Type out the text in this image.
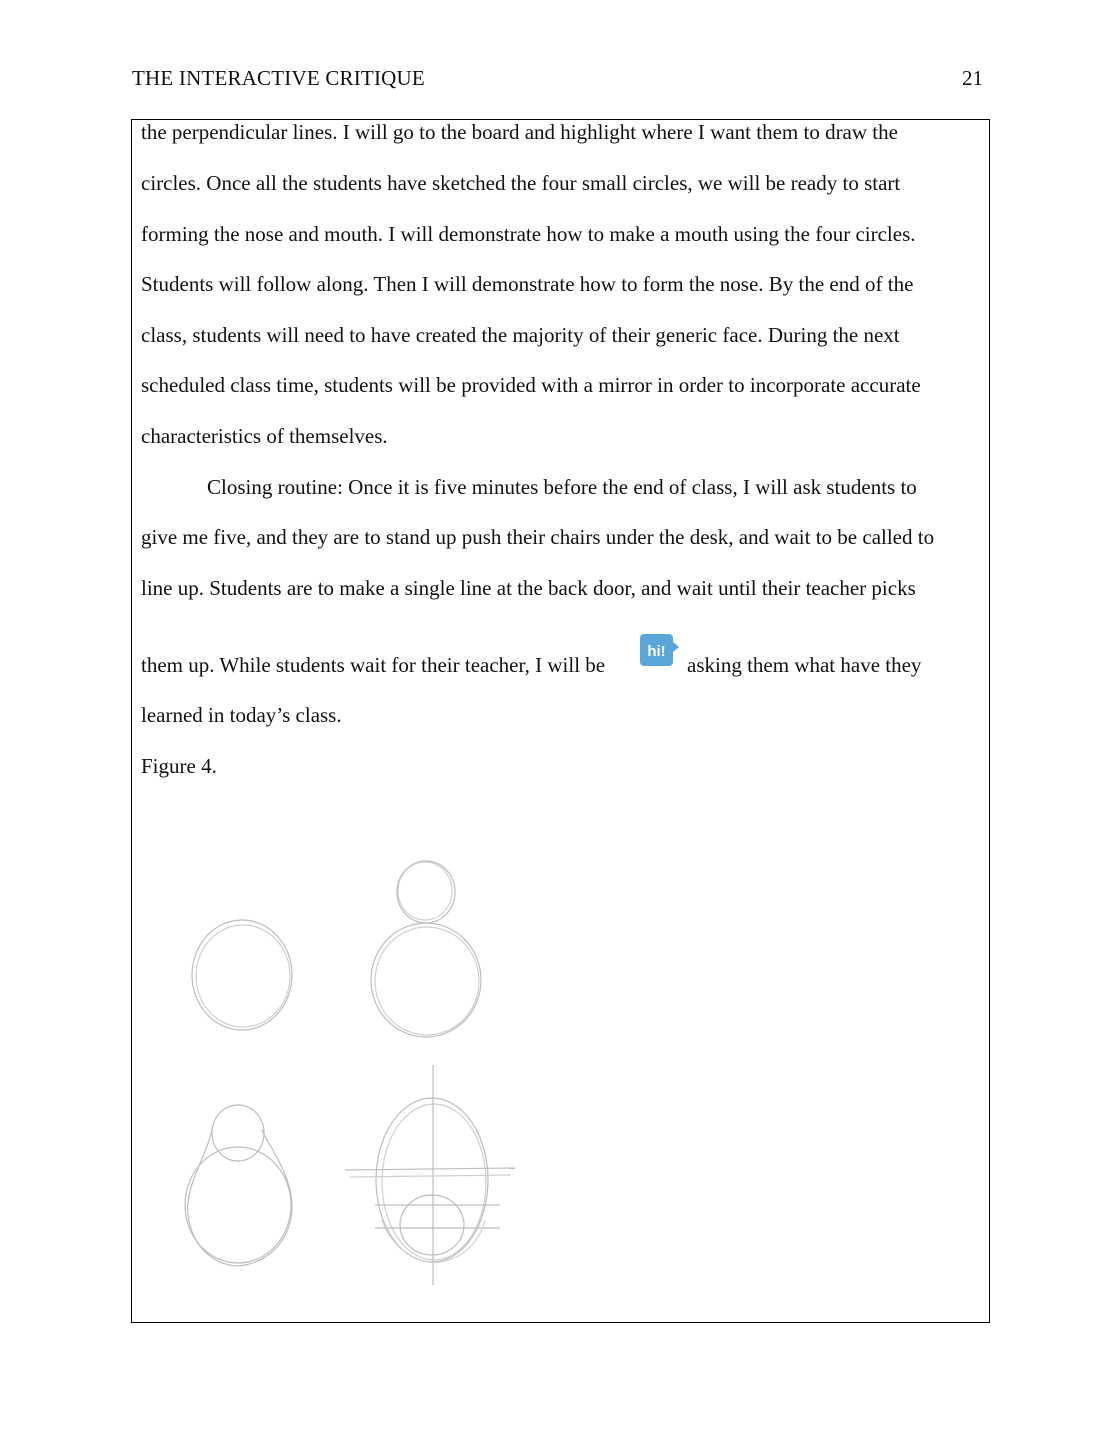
THE INTERACTIVE CRITIQUE	21
the perpendicular lines. I will go to the board and highlight where I want them to draw the
circles. Once all the students have sketched the four small circles, we will be ready to start
forming the nose and mouth. I will demonstrate how to make a mouth using the four circles.
Students will follow along. Then I will demonstrate how to form the nose. By the end of the
class, students will need to have created the majority of their generic face. During the next
scheduled class time, students will be provided with a mirror in order to incorporate accurate
characteristics of themselves.
Closing routine: Once it is five minutes before the end of class, I will ask students to
give me five, and they are to stand up push their chairs under the desk, and wait to be called to
line up. Students are to make a single line at the back door, and wait until their teacher picks
them up. While students wait for their teacher, I will be
hi!
asking them what have they
learned in today’s class.
Figure 4.
